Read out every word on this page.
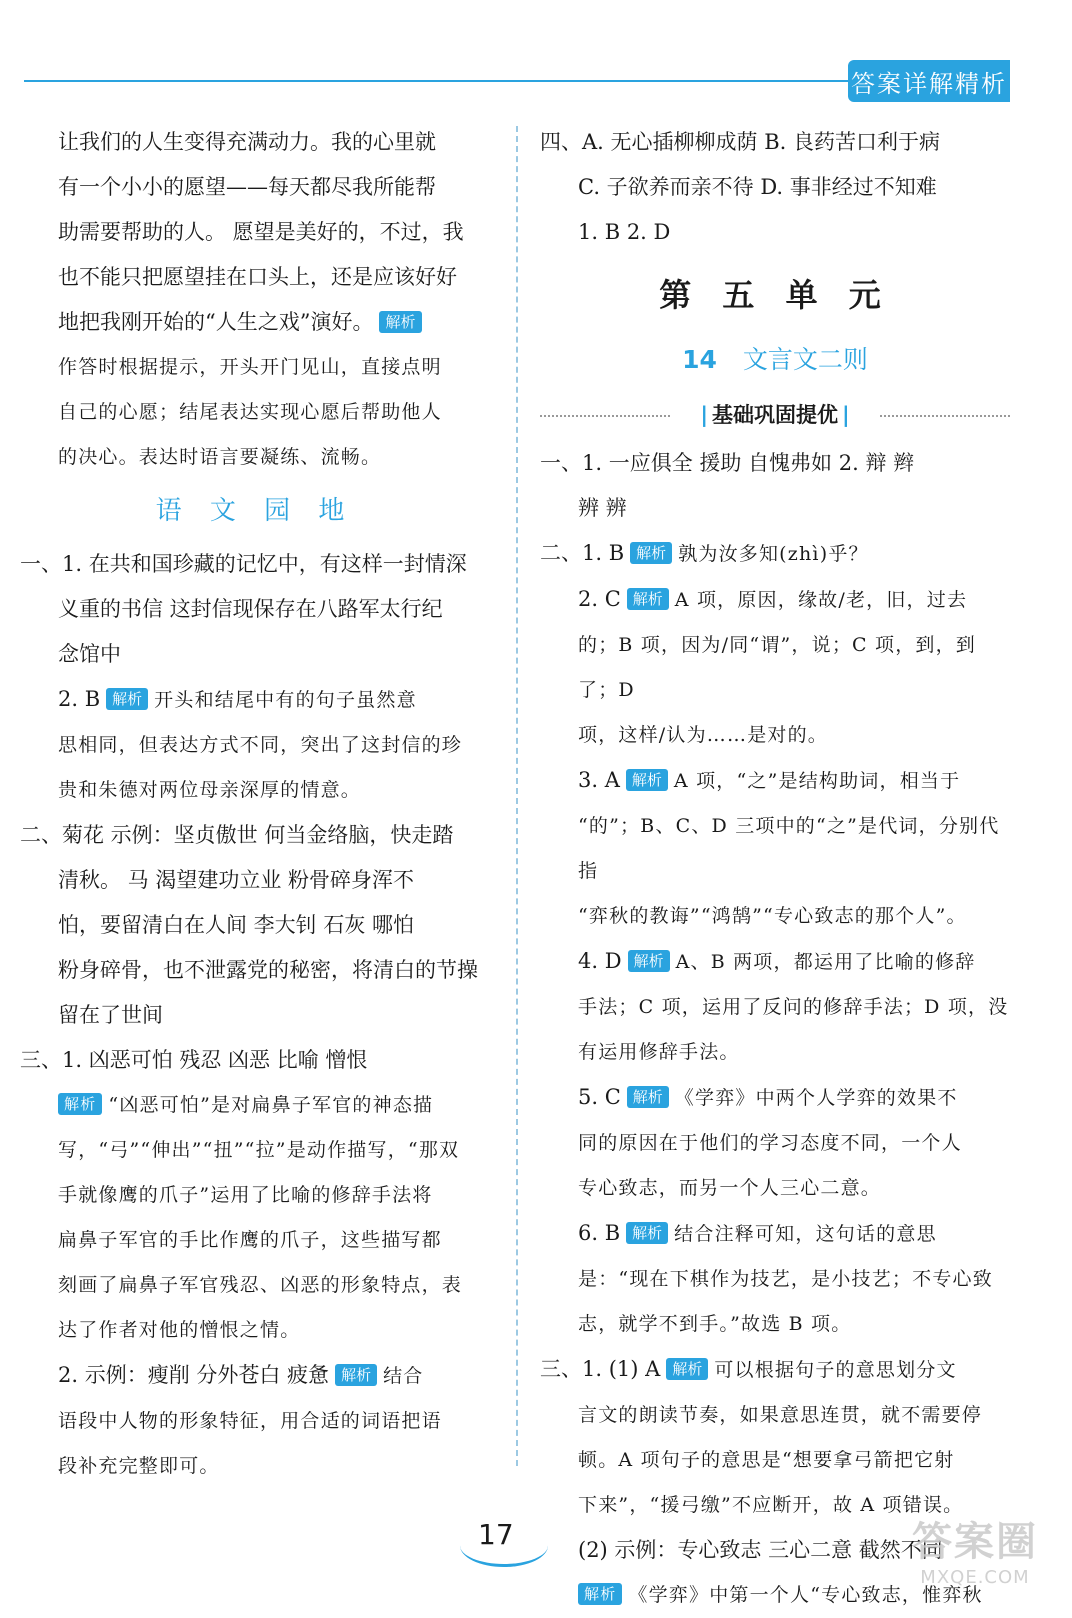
答案详解精析

让我们的人生变得充满动力。我的心里就

有一个小小的愿望——每天都尽我所能帮

助需要帮助的人。 愿望是美好的，不过，我

也不能只把愿望挂在口头上，还是应该好好

地把我刚开始的“人生之戏”演好。 解析

作答时根据提示，开头开门见山，直接点明

自己的心愿；结尾表达实现心愿后帮助他人

的决心。表达时语言要凝练、流畅。

语 文 园 地

一、1. 在共和国珍藏的记忆中，有这样一封情深

义重的书信 这封信现保存在八路军太行纪

念馆中

2. B 解析 开头和结尾中有的句子虽然意

思相同，但表达方式不同，突出了这封信的珍

贵和朱德对两位母亲深厚的情意。

二、菊花 示例：坚贞傲世 何当金络脑，快走踏

清秋。 马 渴望建功立业 粉骨碎身浑不

怕，要留清白在人间 李大钊 石灰 哪怕

粉身碎骨，也不泄露党的秘密，将清白的节操

留在了世间

三、1. 凶恶可怕 残忍 凶恶 比喻 憎恨

解析 “凶恶可怕”是对扁鼻子军官的神态描

写，“弓”“伸出”“扭”“拉”是动作描写，“那双

手就像鹰的爪子”运用了比喻的修辞手法将

扁鼻子军官的手比作鹰的爪子，这些描写都

刻画了扁鼻子军官残忍、凶恶的形象特点，表

达了作者对他的憎恨之情。

2. 示例：瘦削 分外苍白 疲惫 解析 结合

语段中人物的形象特征，用合适的词语把语

段补充完整即可。

四、A. 无心插柳柳成荫 B. 良药苦口利于病

C. 子欲养而亲不待 D. 事非经过不知难

1. B 2. D

第 五 单 元
14 文言文二则
| 基础巩固提优 |

一、1. 一应俱全 援助 自愧弗如 2. 辩 辫

辨 辨

二、1. B 解析 孰为汝多知(zhì)乎？

2. C 解析 A 项，原因，缘故/老，旧，过去

的；B 项，因为/同“谓”，说；C 项，到，到了；D

项，这样/认为……是对的。

3. A 解析 A 项，“之”是结构助词，相当于

“的”；B、C、D 三项中的“之”是代词，分别代指

“弈秋的教诲”“鸿鹄”“专心致志的那个人”。

4. D 解析 A、B 两项，都运用了比喻的修辞

手法；C 项，运用了反问的修辞手法；D 项，没

有运用修辞手法。

5. C 解析 《学弈》中两个人学弈的效果不

同的原因在于他们的学习态度不同，一个人

专心致志，而另一个人三心二意。

6. B 解析 结合注释可知，这句话的意思

是：“现在下棋作为技艺，是小技艺；不专心致

志，就学不到手。”故选 B 项。

三、1. (1) A 解析 可以根据句子的意思划分文

言文的朗读节奏，如果意思连贯，就不需要停

顿。A 项句子的意思是“想要拿弓箭把它射

下来”，“援弓缴”不应断开，故 A 项错误。

(2) 示例：专心致志 三心二意 截然不同

解析 《学弈》中第一个人“专心致志，惟弈秋

17	答案圈
MXQE.COM
